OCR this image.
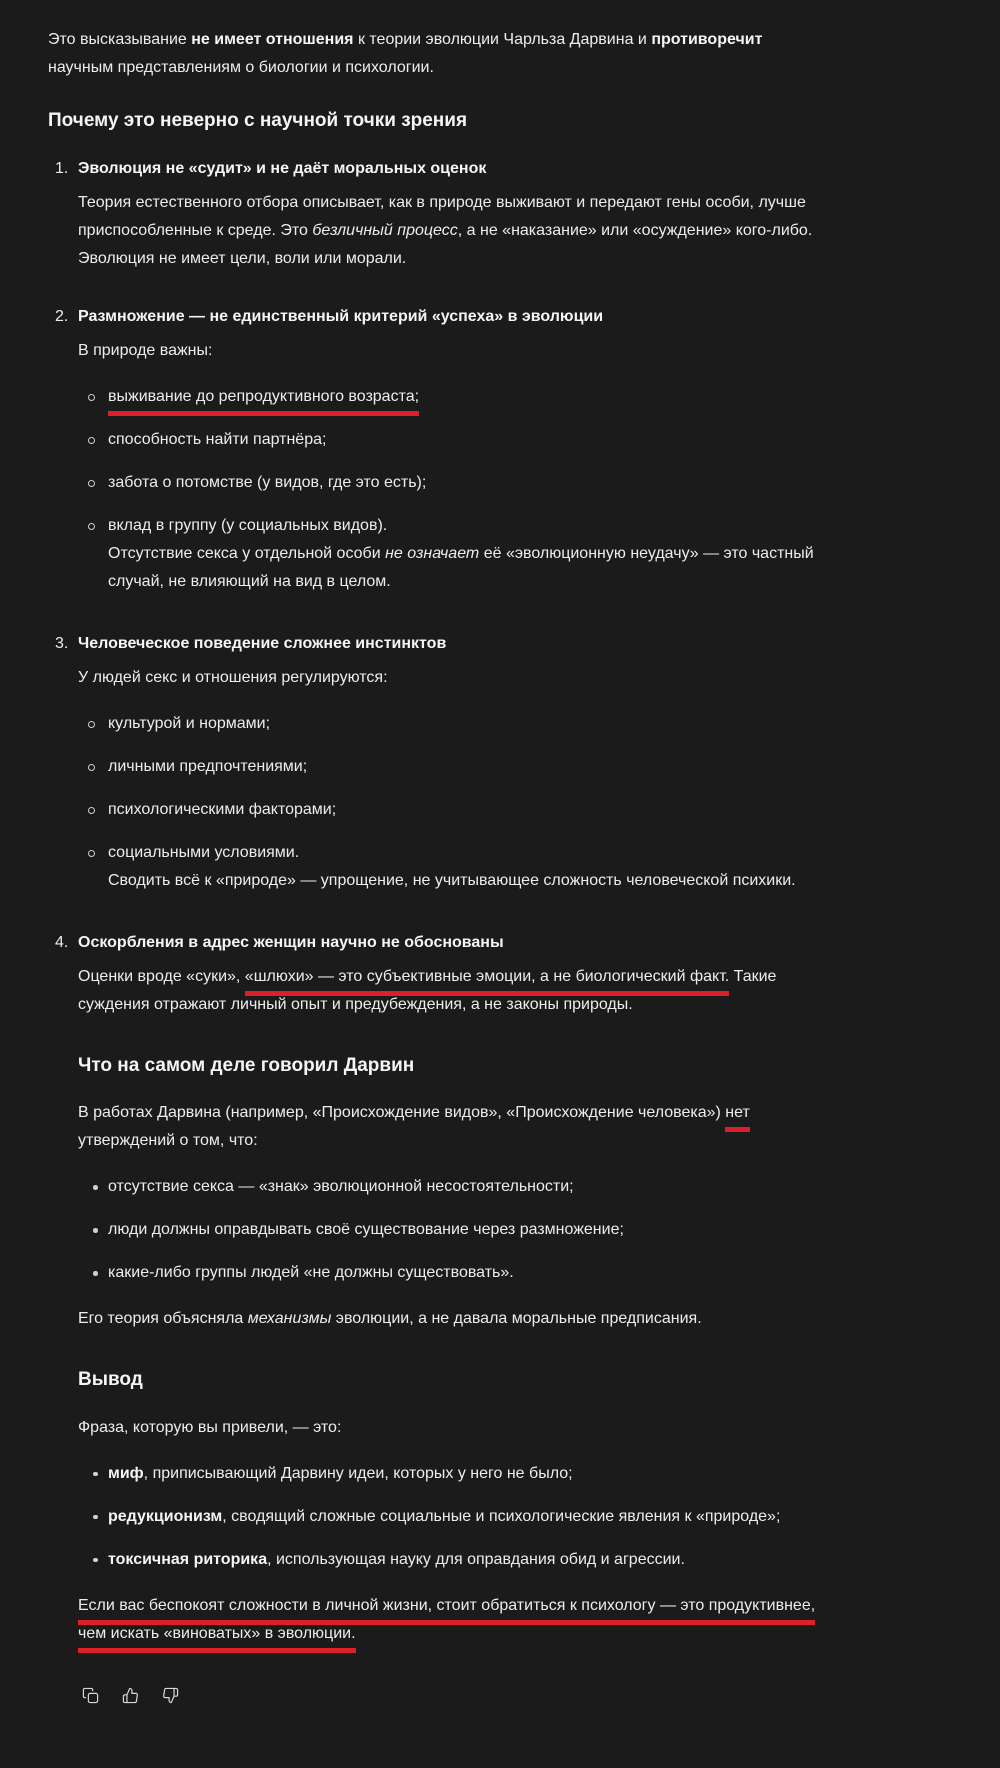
Это высказывание не имеет отношения к теории эволюции Чарльза Дарвина и противоречит научным представлениям о биологии и психологии.

Почему это неверно с научной точки зрения
1. Эволюция не «судит» и не даёт моральных оценок

Теория естественного отбора описывает, как в природе выживают и передают гены особи, лучше приспособленные к среде. Это безличный процесс, а не «наказание» или «осуждение» кого-либо. Эволюция не имеет цели, воли или морали.

2. Размножение — не единственный критерий «успеха» в эволюции

В природе важны:

выживание до репродуктивного возраста;
способность найти партнёра;
забота о потомстве (у видов, где это есть);

вклад в группу (у социальных видов).

Отсутствие секса у отдельной особи не означает её «эволюционную неудачу» — это частный случай, не влияющий на вид в целом.

3. Человеческое поведение сложнее инстинктов

У людей секс и отношения регулируются:

культурой и нормами;
личными предпочтениями;
психологическими факторами;

социальными условиями.

Сводить всё к «природе» — упрощение, не учитывающее сложность человеческой психики.

4. Оскорбления в адрес женщин научно не обоснованы

Оценки вроде «суки», «шлюхи» — это субъективные эмоции, а не биологический факт. Такие суждения отражают личный опыт и предубеждения, а не законы природы.

Что на самом деле говорил Дарвин

В работах Дарвина (например, «Происхождение видов», «Происхождение человека») нет утверждений о том, что:

отсутствие секса — «знак» эволюционной несостоятельности;
люди должны оправдывать своё существование через размножение;
какие-либо группы людей «не должны существовать».

Его теория объясняла механизмы эволюции, а не давала моральные предписания.

Вывод

Фраза, которую вы привели, — это:

миф, приписывающий Дарвину идеи, которых у него не было;
редукционизм, сводящий сложные социальные и психологические явления к «природе»;
токсичная риторика, использующая науку для оправдания обид и агрессии.

Если вас беспокоят сложности в личной жизни, стоит обратиться к психологу — это продуктивнее, чем искать «виноватых» в эволюции.
